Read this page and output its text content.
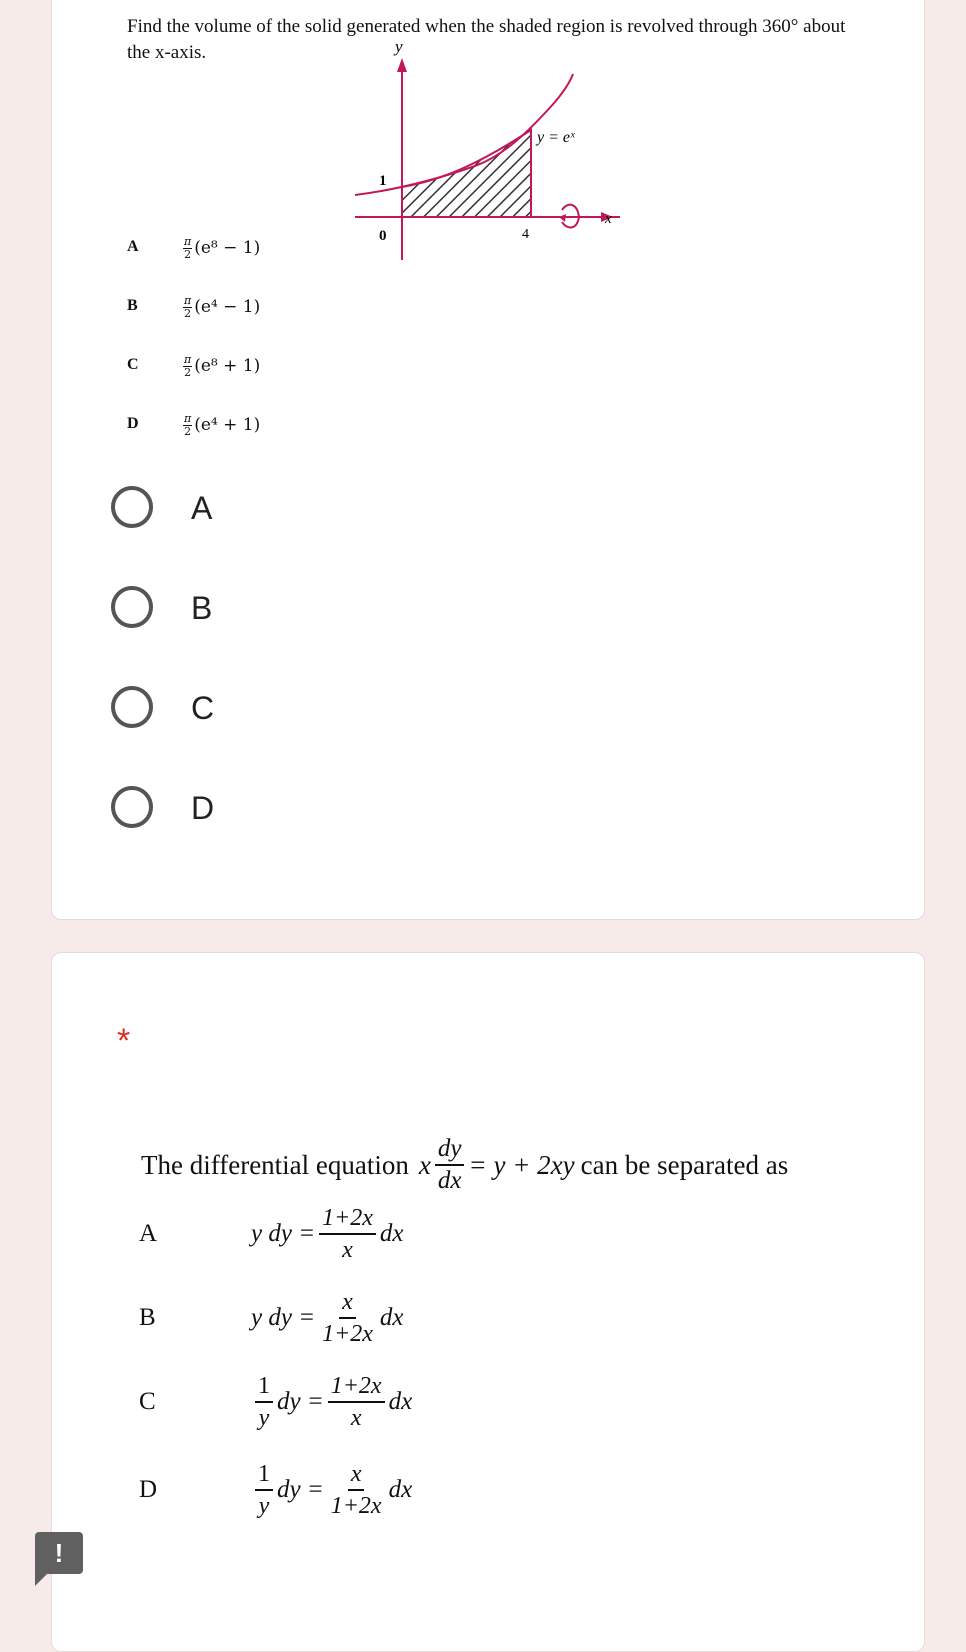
Find the volume of the solid generated when the shaded region is revolved through 360° about the x-axis.	y
x
y = eˣ
1
0	4
A	$\frac{\pi}{2} (e^8 - 1)$
B	$\frac{\pi}{2} (e^4 - 1)$
C	$\frac{\pi}{2} (e^8 + 1)$
D	$\frac{\pi}{2} (e^4 + 1)$
A
B
C
D
*
The differential equation x $\frac{dy}{dx} = y + 2xy$ can be separated as
A	y dy = $\frac{1+2x}{x}$ dx
B	y dy = $\frac{x}{1+2x}$ dx
C	$\frac{1}{y}$ dy = $\frac{1+2x}{x}$ dx
D	$\frac{1}{y}$ dy = $\frac{x}{1+2x}$ dx
!
